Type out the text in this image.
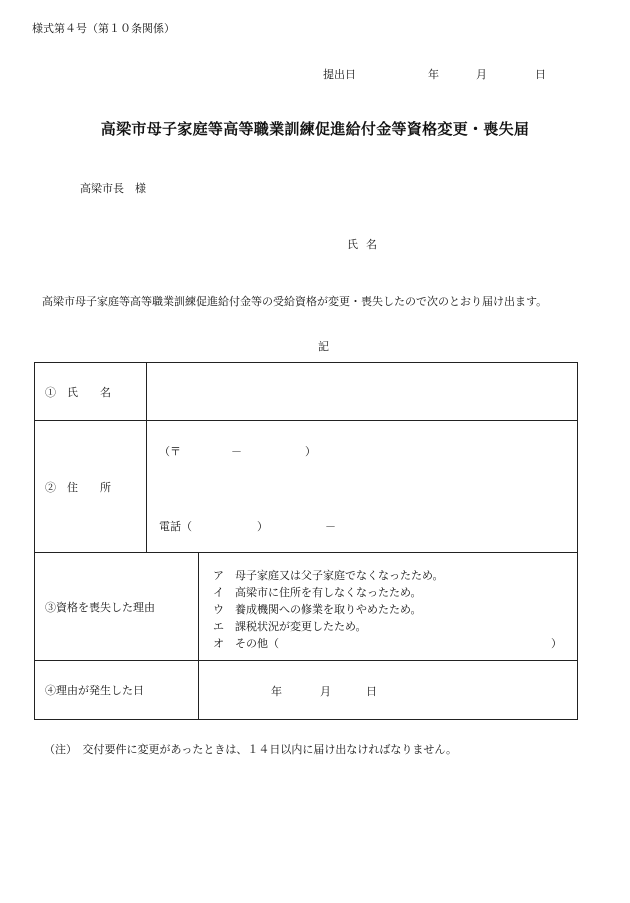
様式第４号（第１０条関係）
提出日	年	月	日
高梁市母子家庭等高等職業訓練促進給付金等資格変更・喪失届
高梁市長　様
氏名
高梁市母子家庭等高等職業訓練促進給付金等の受給資格が変更・喪失したので次のとおり届け出ます。
記
①　氏　　名
②　住　　所
（〒	－	）
電話（	）	－
③資格を喪失した理由
ア　母子家庭又は父子家庭でなくなったため。
イ　高梁市に住所を有しなくなったため。
ウ　養成機関への修業を取りやめたため。
エ　課税状況が変更したため。
オ　その他（	）
④理由が発生した日	年	月	日
（注）　交付要件に変更があったときは、１４日以内に届け出なければなりません。
